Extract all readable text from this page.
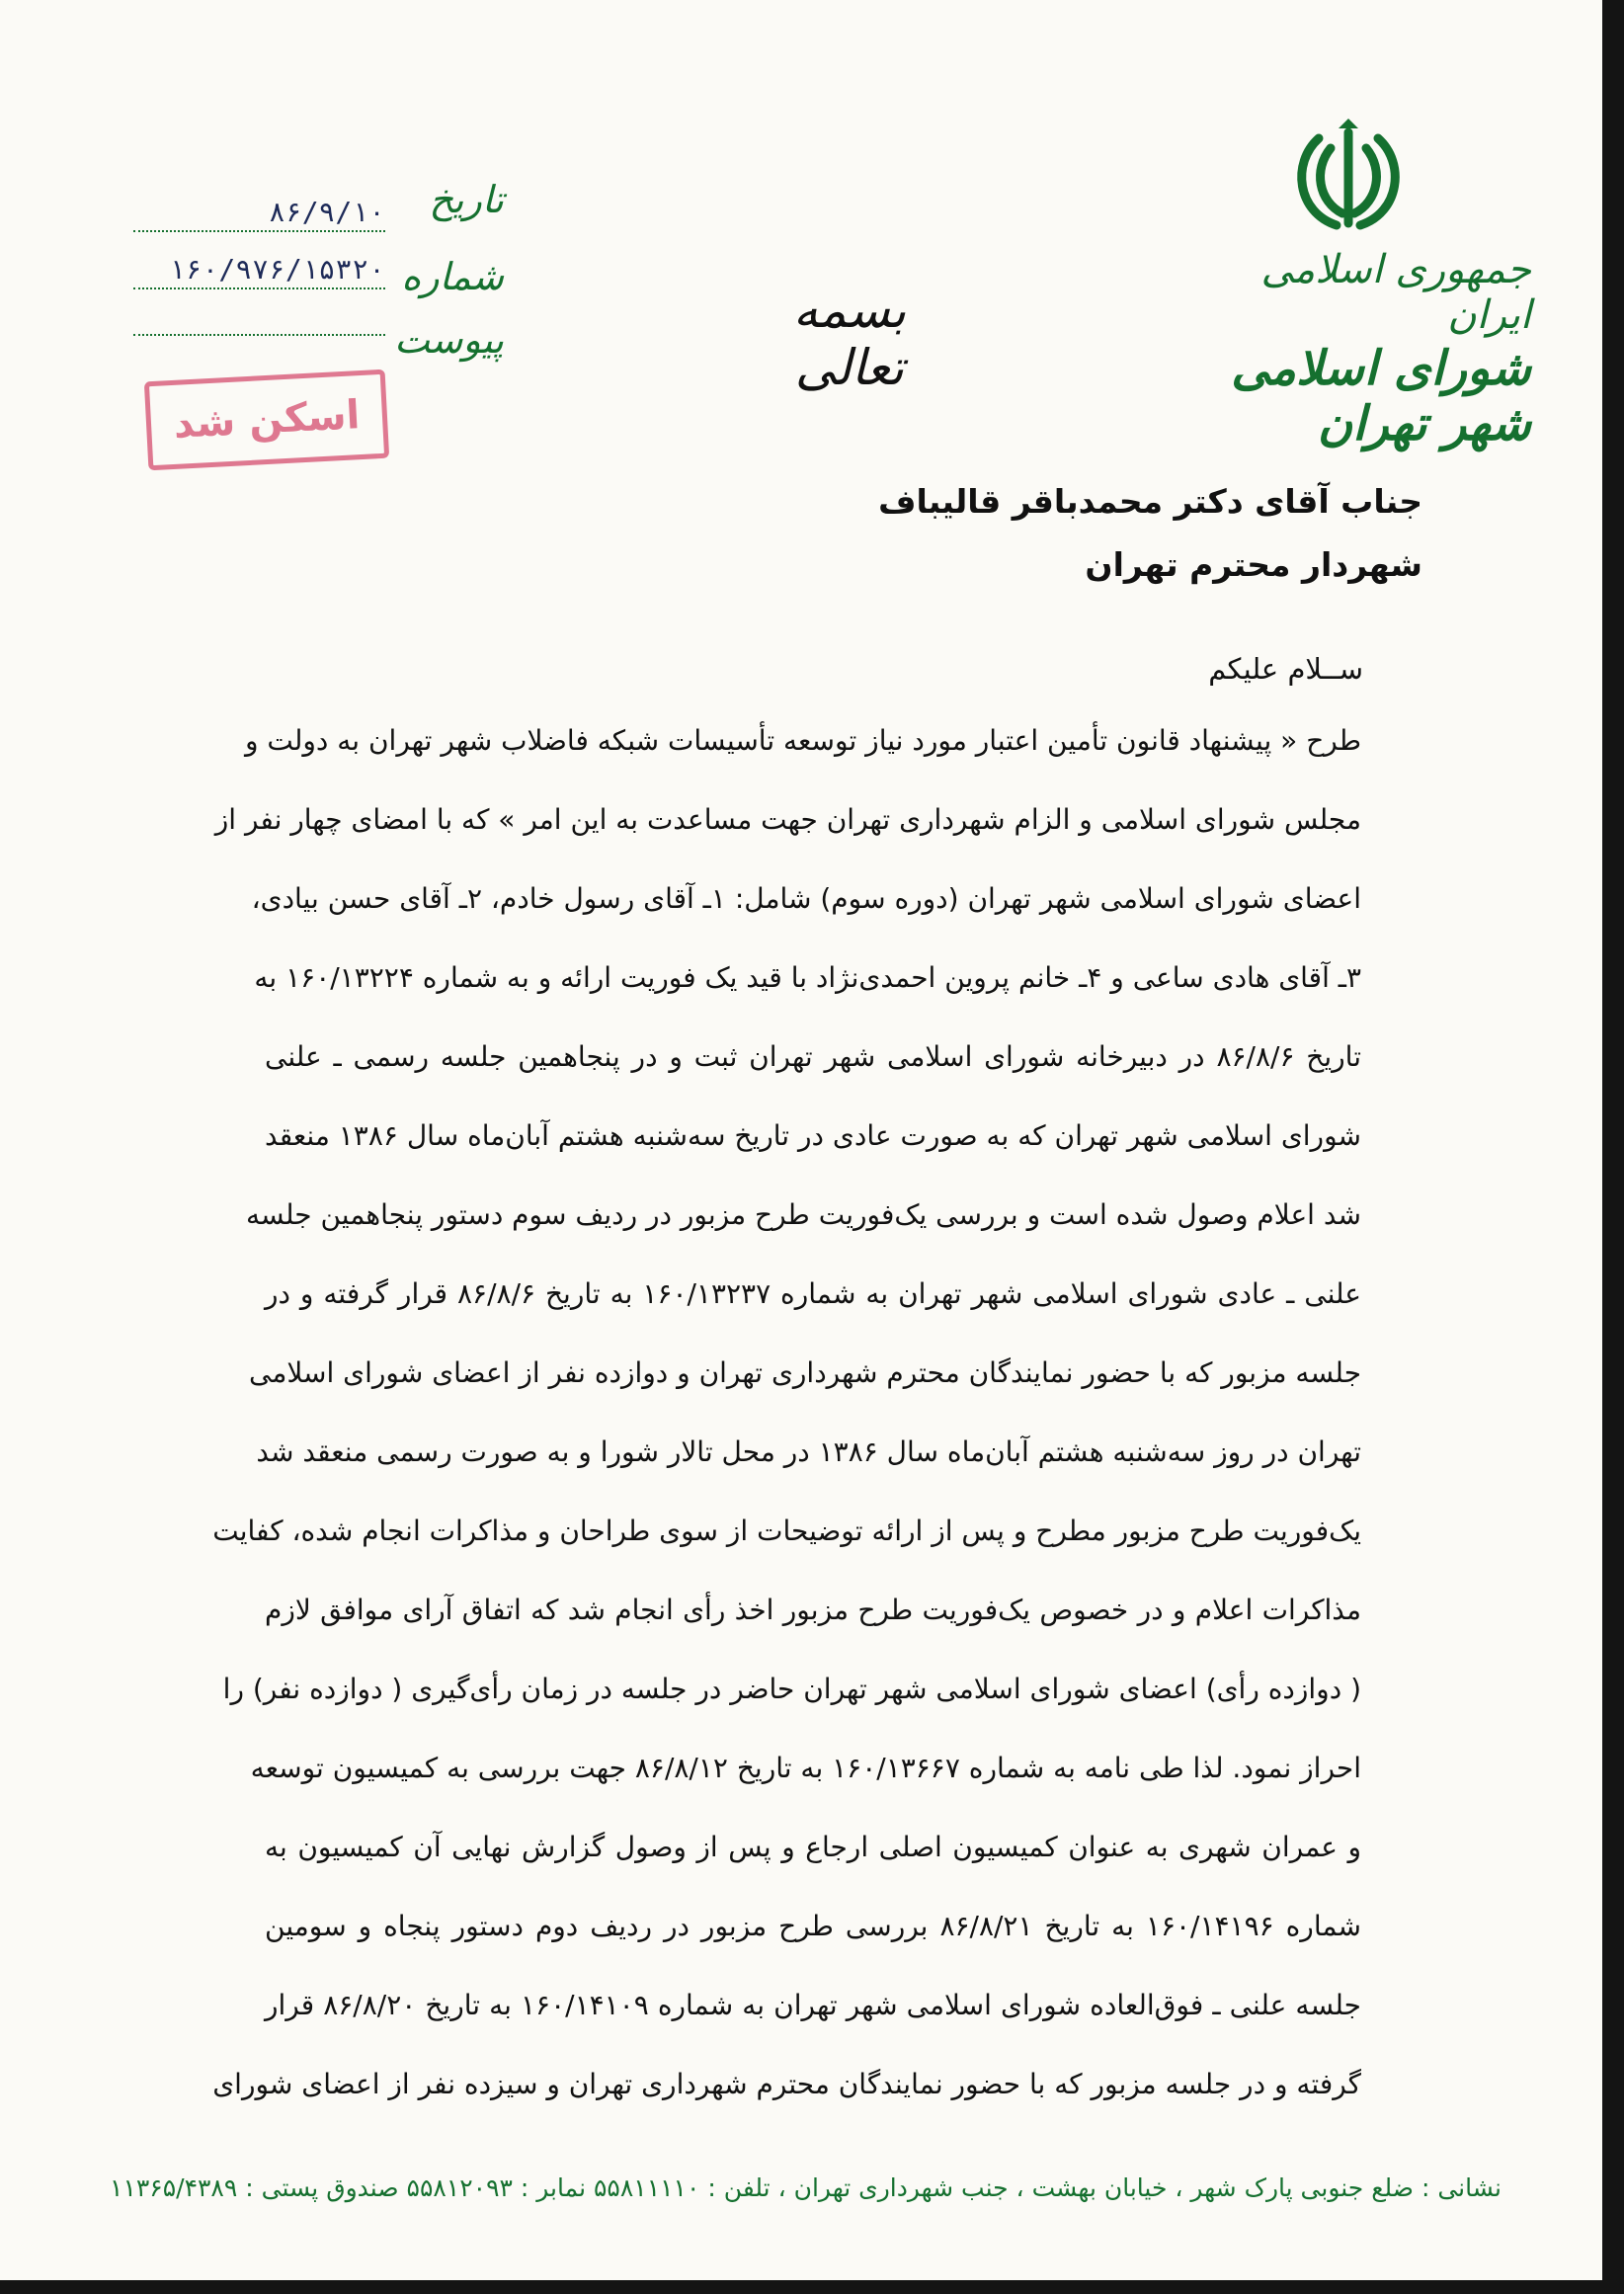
جمهوری اسلامی ایران
شورای اسلامی شهر تهران
بسمه تعالی
تاریخ
۸۶/۹/۱۰
شماره
۱۶۰/۹۷۶/۱۵۳۲۰
پیوست
اسکن شد
جناب آقای دکتر محمدباقر قالیباف
شهردار محترم تهران
ســلام علیکم
طرح « پیشنهاد قانون تأمین اعتبار مورد نیاز توسعه تأسیسات شبکه فاضلاب شهر تهران به دولت و
مجلس شورای اسلامی و الزام شهرداری تهران جهت مساعدت به این امر » که با امضای چهار نفر از
اعضای شورای اسلامی شهر تهران (دوره سوم) شامل: ۱ـ آقای رسول خادم، ۲ـ آقای حسن بیادی،
۳ـ آقای هادی ساعی و ۴ـ خانم پروین احمدی‌نژاد با قید یک فوریت ارائه و به شماره ۱۶۰/۱۳۲۲۴ به
تاریخ ۸۶/۸/۶ در دبیرخانه شورای اسلامی شهر تهران ثبت و در پنجاهمین جلسه رسمی ـ علنی
شورای اسلامی شهر تهران که به صورت عادی در تاریخ سه‌شنبه هشتم آبان‌ماه سال ۱۳۸۶ منعقد
شد اعلام وصول شده است و بررسی یک‌فوریت طرح مزبور در ردیف سوم دستور پنجاهمین جلسه
علنی ـ عادی شورای اسلامی شهر تهران به شماره ۱۶۰/۱۳۲۳۷ به تاریخ ۸۶/۸/۶ قرار گرفته و در
جلسه مزبور که با حضور نمایندگان محترم شهرداری تهران و دوازده نفر از اعضای شورای اسلامی
تهران در روز سه‌شنبه هشتم آبان‌ماه سال ۱۳۸۶ در محل تالار شورا و به صورت رسمی منعقد شد
یک‌فوریت طرح مزبور مطرح و پس از ارائه توضیحات از سوی طراحان و مذاکرات انجام شده، کفایت
مذاکرات اعلام و در خصوص یک‌فوریت طرح مزبور اخذ رأی انجام شد که اتفاق آرای موافق لازم
( دوازده رأی) اعضای شورای اسلامی شهر تهران حاضر در جلسه در زمان رأی‌گیری ( دوازده نفر) را
احراز نمود. لذا طی نامه به شماره ۱۶۰/۱۳۶۶۷ به تاریخ ۸۶/۸/۱۲ جهت بررسی به کمیسیون توسعه
و عمران شهری به عنوان کمیسیون اصلی ارجاع و پس از وصول گزارش نهایی آن کمیسیون به
شماره ۱۶۰/۱۴۱۹۶ به تاریخ ۸۶/۸/۲۱ بررسی طرح مزبور در ردیف دوم دستور پنجاه و سومین
جلسه علنی ـ فوق‌العاده شورای اسلامی شهر تهران به شماره ۱۶۰/۱۴۱۰۹ به تاریخ ۸۶/۸/۲۰ قرار
گرفته و در جلسه مزبور که با حضور نمایندگان محترم شهرداری تهران و سیزده نفر از اعضای شورای
نشانی : ضلع جنوبی پارک شهر ، خیابان بهشت ، جنب شهرداری تهران ، تلفن : ۵۵۸۱۱۱۱۰ نمابر : ۵۵۸۱۲۰۹۳ صندوق پستی : ۱۱۳۶۵/۴۳۸۹
